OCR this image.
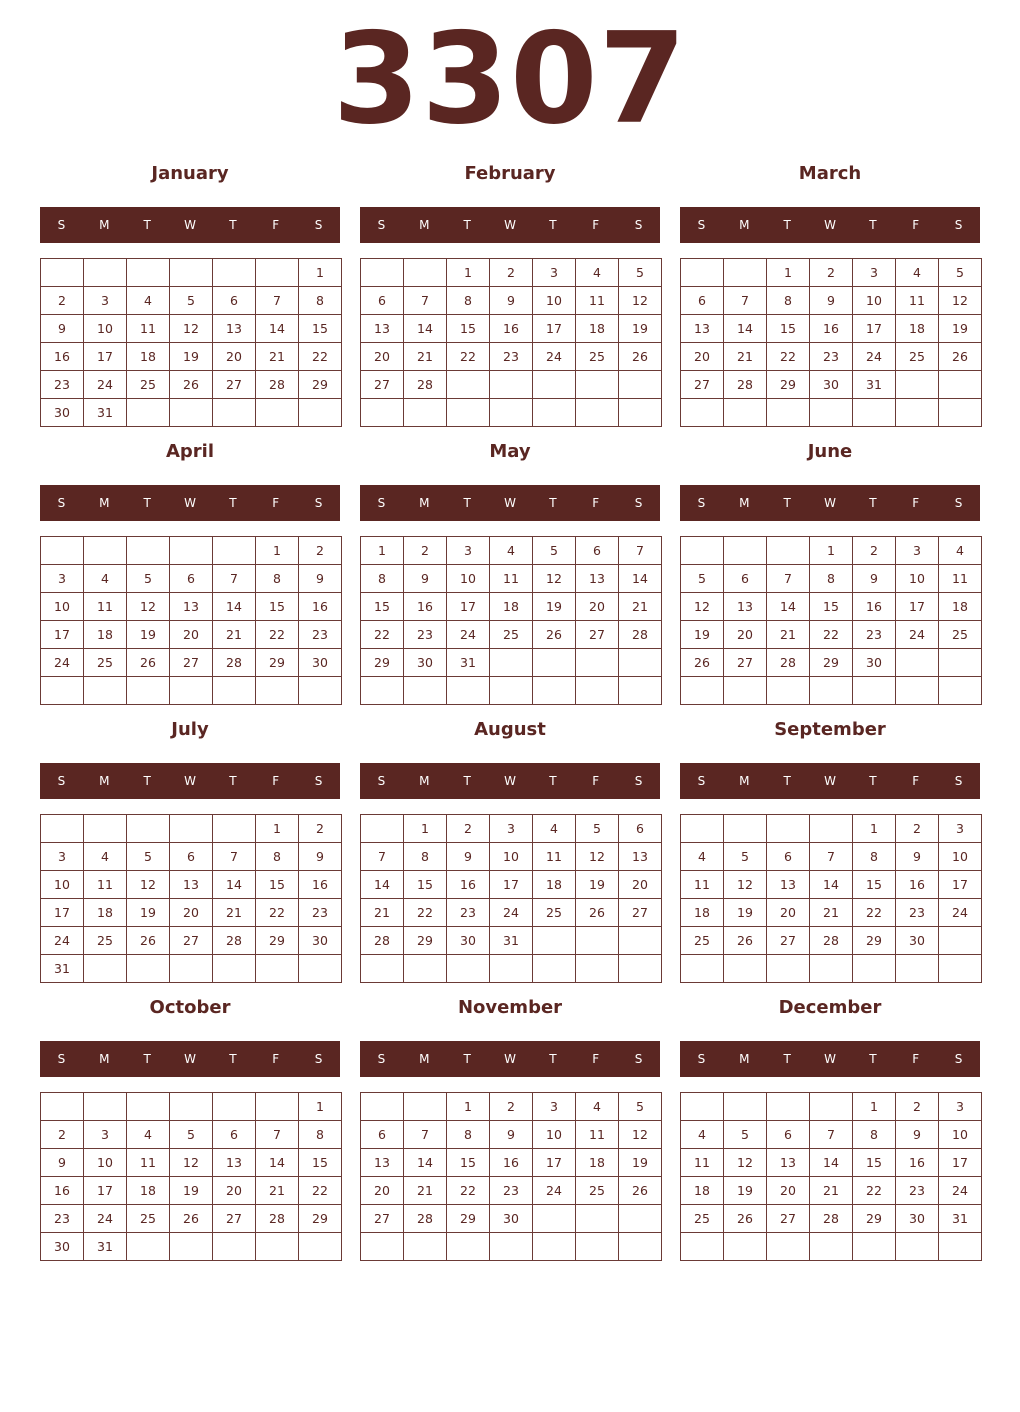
3307
January
S	M	T	W	T	F	S
						1
2	3	4	5	6	7	8
9	10	11	12	13	14	15
16	17	18	19	20	21	22
23	24	25	26	27	28	29
30	31					
February
S	M	T	W	T	F	S
		1	2	3	4	5
6	7	8	9	10	11	12
13	14	15	16	17	18	19
20	21	22	23	24	25	26
27	28					

March
S	M	T	W	T	F	S
		1	2	3	4	5
6	7	8	9	10	11	12
13	14	15	16	17	18	19
20	21	22	23	24	25	26
27	28	29	30	31		

April
S	M	T	W	T	F	S
					1	2
3	4	5	6	7	8	9
10	11	12	13	14	15	16
17	18	19	20	21	22	23
24	25	26	27	28	29	30

May
S	M	T	W	T	F	S
1	2	3	4	5	6	7
8	9	10	11	12	13	14
15	16	17	18	19	20	21
22	23	24	25	26	27	28
29	30	31				

June
S	M	T	W	T	F	S
			1	2	3	4
5	6	7	8	9	10	11
12	13	14	15	16	17	18
19	20	21	22	23	24	25
26	27	28	29	30		

July
S	M	T	W	T	F	S
					1	2
3	4	5	6	7	8	9
10	11	12	13	14	15	16
17	18	19	20	21	22	23
24	25	26	27	28	29	30
31						
August
S	M	T	W	T	F	S
	1	2	3	4	5	6
7	8	9	10	11	12	13
14	15	16	17	18	19	20
21	22	23	24	25	26	27
28	29	30	31			

September
S	M	T	W	T	F	S
				1	2	3
4	5	6	7	8	9	10
11	12	13	14	15	16	17
18	19	20	21	22	23	24
25	26	27	28	29	30	

October
S	M	T	W	T	F	S
						1
2	3	4	5	6	7	8
9	10	11	12	13	14	15
16	17	18	19	20	21	22
23	24	25	26	27	28	29
30	31					
November
S	M	T	W	T	F	S
		1	2	3	4	5
6	7	8	9	10	11	12
13	14	15	16	17	18	19
20	21	22	23	24	25	26
27	28	29	30			

December
S	M	T	W	T	F	S
				1	2	3
4	5	6	7	8	9	10
11	12	13	14	15	16	17
18	19	20	21	22	23	24
25	26	27	28	29	30	31
